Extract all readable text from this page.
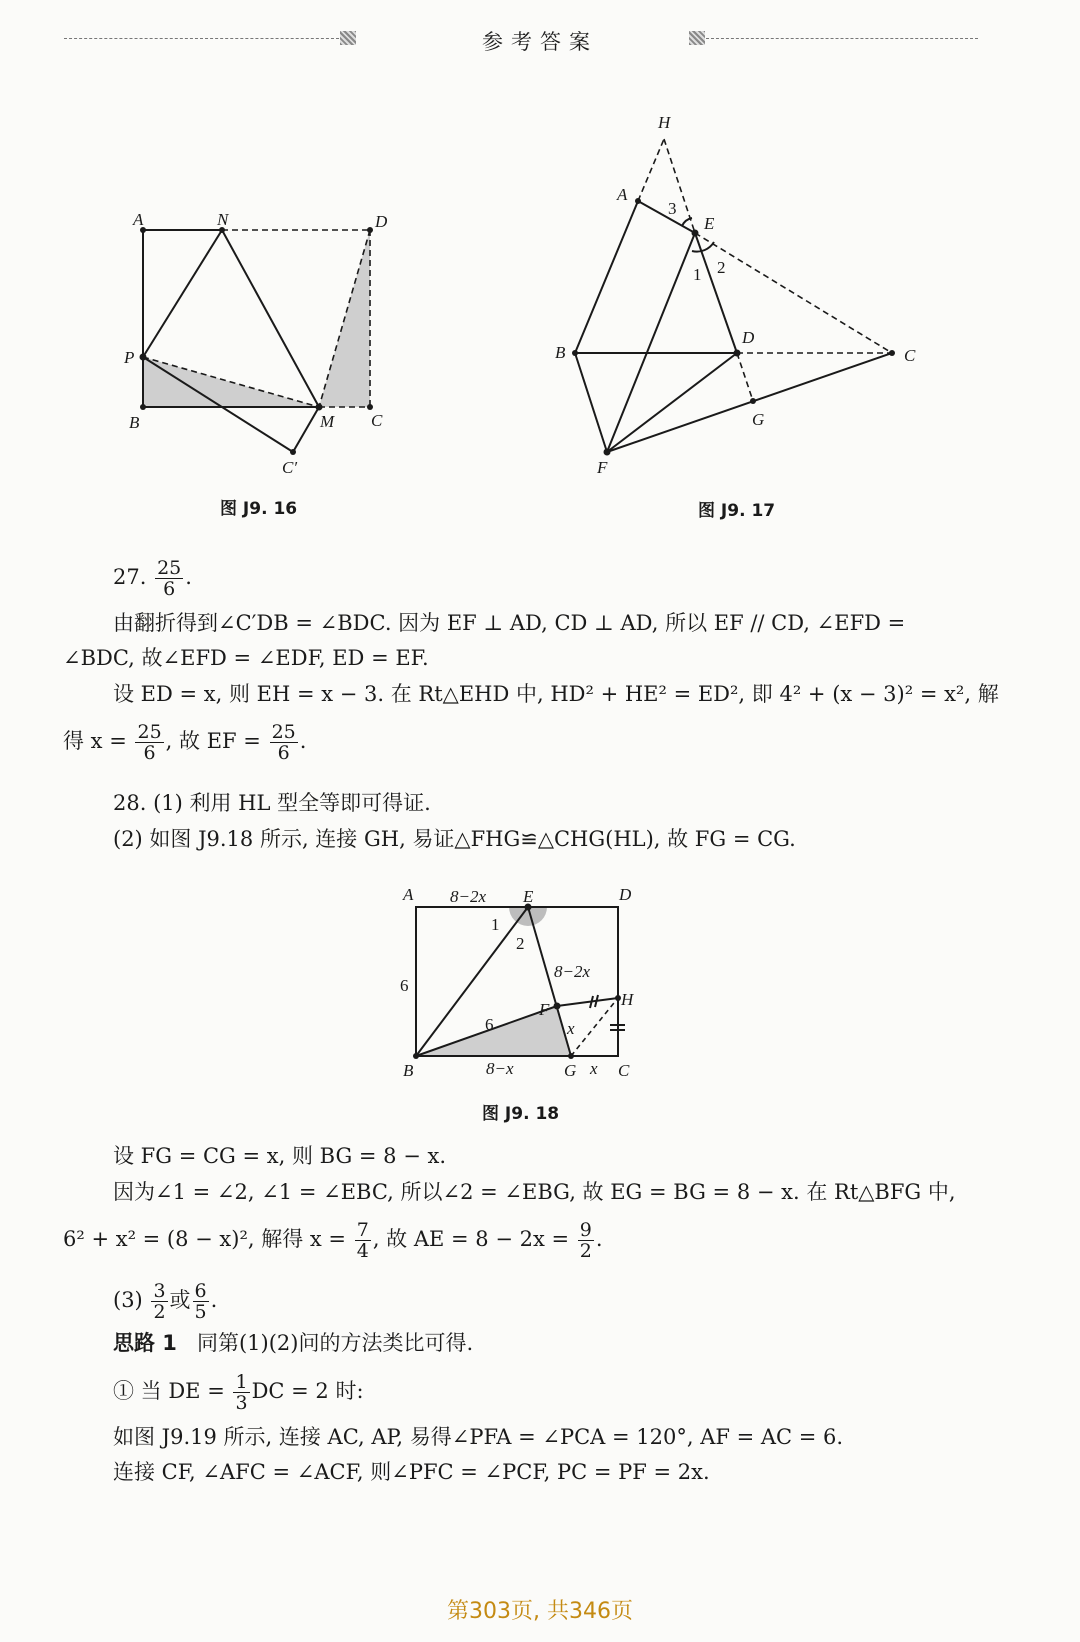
参考答案
A	N	D
P
B	M C
C′
图 J9. 16
H
A
E
3
1 2
B
D
C
G
F
图 J9. 17
27. $\frac{25}{6}$ .
由翻折得到∠C′DB = ∠BDC. 因为 EF ⊥ AD, CD ⊥ AD, 所以 EF // CD, ∠EFD =
∠BDC, 故∠EFD = ∠EDF, ED = EF.
设 ED = x, 则 EH = x − 3. 在 Rt△EHD 中, HD² + HE² = ED², 即 4² + (x − 3)² = x², 解
得 $x = \frac{25}{6}$ , 故 EF = $\frac{25}{6}$ .
28. (1) 利用 HL 型全等即可得证.
(2) 如图 J9.18 所示, 连接 GH, 易证△FHG≌△CHG(HL), 故 FG = CG.
A 8−2x E	D
1
2
6
8−2x
F
H
6	x
B	8−x	G x C
图 J9. 18
设 FG = CG = x, 则 BG = 8 − x.
因为∠1 = ∠2, ∠1 = ∠EBC, 所以∠2 = ∠EBG, 故 EG = BG = 8 − x. 在 Rt△BFG 中,
6² + x² = (8 − x)², 解得 $x = \frac{7}{4}$ , 故 AE = $8 - 2x = \frac{9}{2}$ .
$(3) \frac{3}{2}$ 或 $\frac{6}{5}$ .
思路 1 同第(1)(2)问的方法类比可得.
① 当 DE = $\frac{1}{3}$ DC = 2 时:
如图 J9.19 所示, 连接 AC, AP, 易得∠PFA = ∠PCA = 120°, AF = AC = 6.
连接 CF, ∠AFC = ∠ACF, 则∠PFC = ∠PCF, PC = PF = 2x.
第303页, 共346页
